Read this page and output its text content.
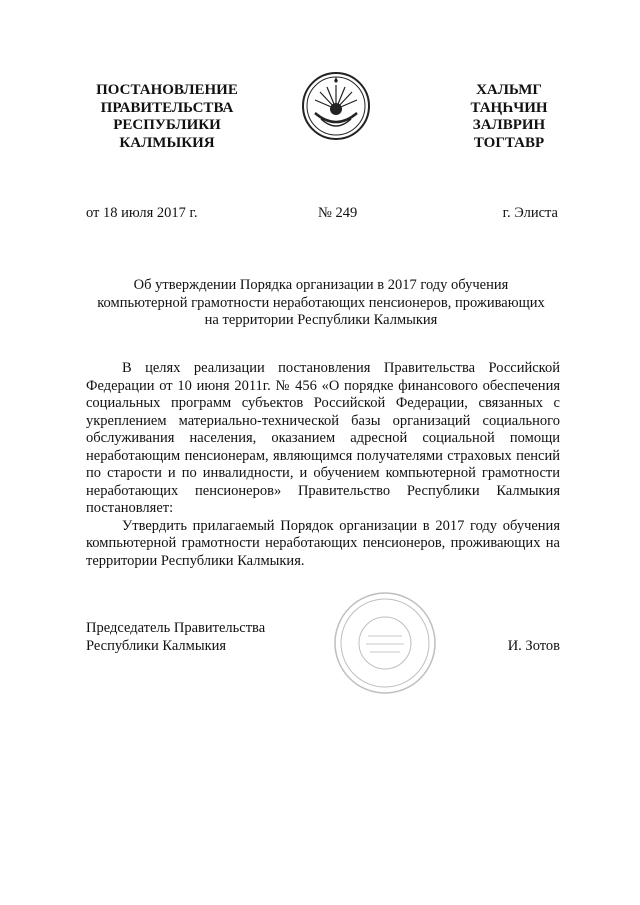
ПОСТАНОВЛЕНИЕ
ПРАВИТЕЛЬСТВА
РЕСПУБЛИКИ
КАЛМЫКИЯ
ХАЛЬМГ
ТАҢҺЧИН
ЗАЛВРИН
ТОГТАВР
от 18 июля 2017 г.	№ 249	г. Элиста
Об утверждении Порядка организации в 2017 году обучения
компьютерной грамотности неработающих пенсионеров, проживающих
на территории Республики Калмыкия

В целях реализации постановления Правительства Российской Федерации от 10 июня 2011г. № 456 «О порядке финансового обеспечения социальных программ субъектов Российской Федерации, связанных с укреплением материально-технической базы организаций социального обслуживания населения, оказанием адресной социальной помощи неработающим пенсионерам, являющимся получателями страховых пенсий по старости и по инвалидности, и обучением компьютерной грамотности неработающих пенсионеров» Правительство Республики Калмыкия постановляет:

Утвердить прилагаемый Порядок организации в 2017 году обучения компьютерной грамотности неработающих пенсионеров, проживающих на территории Республики Калмыкия.

Председатель Правительства
Республики Калмыкия	И. Зотов
